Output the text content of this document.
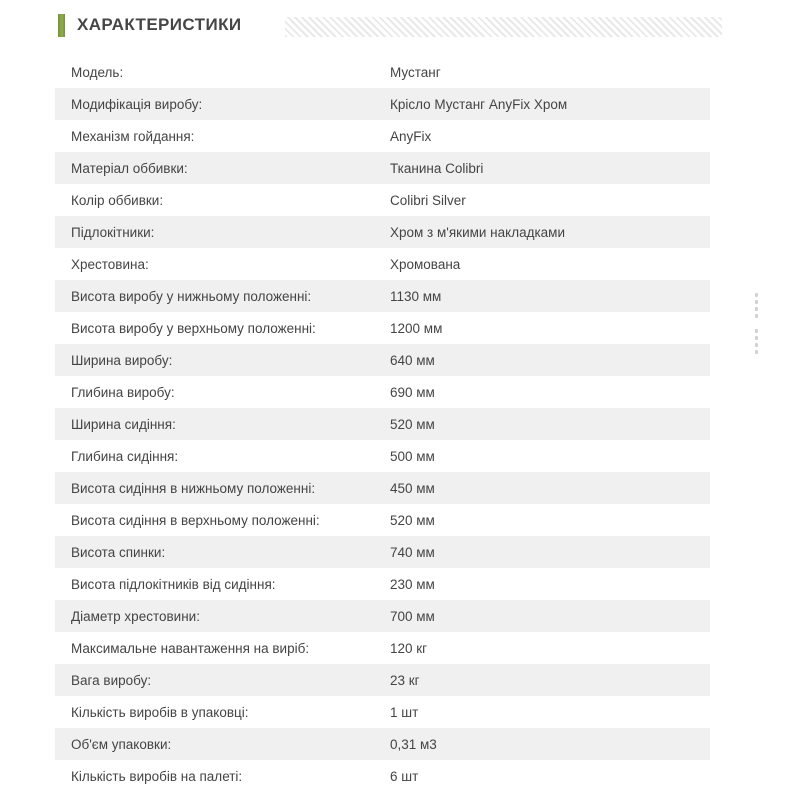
ХАРАКТЕРИСТИКИ
Модель:	Мустанг
Модифікація виробу:	Крісло Мустанг AnyFix Хром
Механізм гойдання:	AnyFix
Матеріал оббивки:	Тканина Colibri
Колір оббивки:	Colibri Silver
Підлокітники:	Хром з м'якими накладками
Хрестовина:	Хромована
Висота виробу у нижньому положенні:	1130 мм
Висота виробу у верхньому положенні:	1200 мм
Ширина виробу:	640 мм
Глибина виробу:	690 мм
Ширина сидіння:	520 мм
Глибина сидіння:	500 мм
Висота сидіння в нижньому положенні:	450 мм
Висота сидіння в верхньому положенні:	520 мм
Висота спинки:	740 мм
Висота підлокітників від сидіння:	230 мм
Діаметр хрестовини:	700 мм
Максимальне навантаження на виріб:	120 кг
Вага виробу:	23 кг
Кількість виробів в упаковці:	1 шт
Об'єм упаковки:	0,31 м3
Кількість виробів на палеті:	6 шт
